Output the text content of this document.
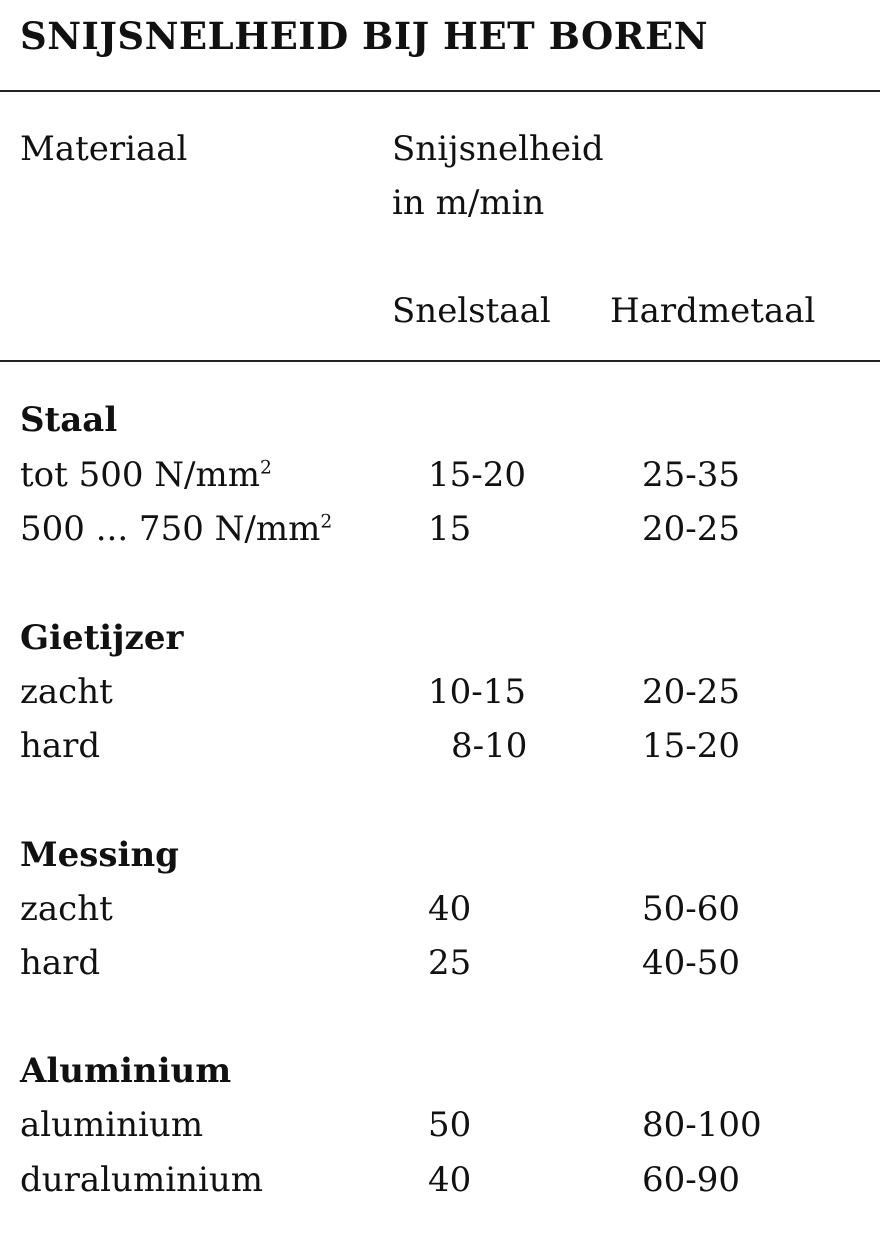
SNIJSNELHEID BIJ HET BOREN
Materiaal	Snijsnelheid
in m/min
Snelstaal Hardmetaal
Staal
tot 500 $N/mm^2$	15-20	25-35
500 ... 750 $N/mm^2$	15	20-25
Gietijzer
zacht	10-15	20-25
hard	8-10	15-20
Messing
zacht	40	50-60
hard	25	40-50
Aluminium
aluminium	50	80-100
duraluminium	40	60-90
